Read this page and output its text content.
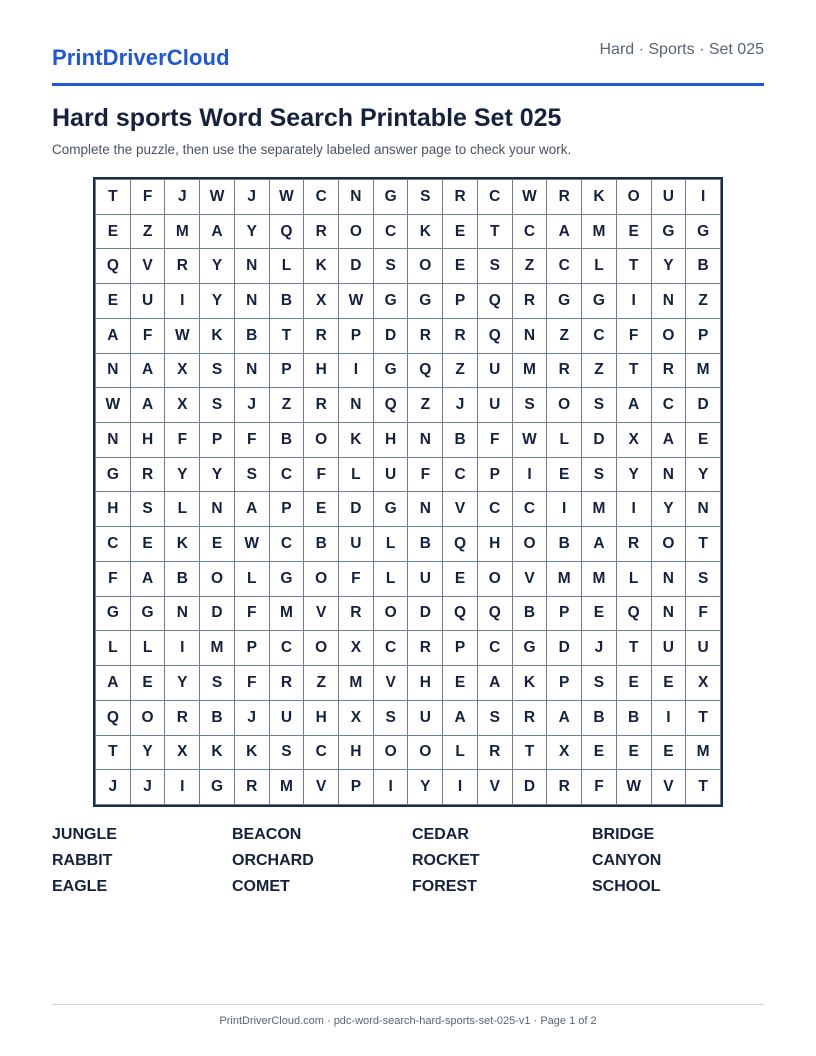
PrintDriverCloud	Hard · Sports · Set 025
Hard sports Word Search Printable Set 025
Complete the puzzle, then use the separately labeled answer page to check your work.
T	F	J	W	J	W	C	N	G	S	R	C	W	R	K	O	U	I
E	Z	M	A	Y	Q	R	O	C	K	E	T	C	A	M	E	G	G
Q	V	R	Y	N	L	K	D	S	O	E	S	Z	C	L	T	Y	B
E	U	I	Y	N	B	X	W	G	G	P	Q	R	G	G	I	N	Z
A	F	W	K	B	T	R	P	D	R	R	Q	N	Z	C	F	O	P
N	A	X	S	N	P	H	I	G	Q	Z	U	M	R	Z	T	R	M
W	A	X	S	J	Z	R	N	Q	Z	J	U	S	O	S	A	C	D
N	H	F	P	F	B	O	K	H	N	B	F	W	L	D	X	A	E
G	R	Y	Y	S	C	F	L	U	F	C	P	I	E	S	Y	N	Y
H	S	L	N	A	P	E	D	G	N	V	C	C	I	M	I	Y	N
C	E	K	E	W	C	B	U	L	B	Q	H	O	B	A	R	O	T
F	A	B	O	L	G	O	F	L	U	E	O	V	M	M	L	N	S
G	G	N	D	F	M	V	R	O	D	Q	Q	B	P	E	Q	N	F
L	L	I	M	P	C	O	X	C	R	P	C	G	D	J	T	U	U
A	E	Y	S	F	R	Z	M	V	H	E	A	K	P	S	E	E	X
Q	O	R	B	J	U	H	X	S	U	A	S	R	A	B	B	I	T
T	Y	X	K	K	S	C	H	O	O	L	R	T	X	E	E	E	M
J	J	I	G	R	M	V	P	I	Y	I	V	D	R	F	W	V	T
JUNGLE
RABBIT
EAGLE
BEACON
ORCHARD
COMET
CEDAR
ROCKET
FOREST
BRIDGE
CANYON
SCHOOL
PrintDriverCloud.com · pdc-word-search-hard-sports-set-025-v1 · Page 1 of 2
